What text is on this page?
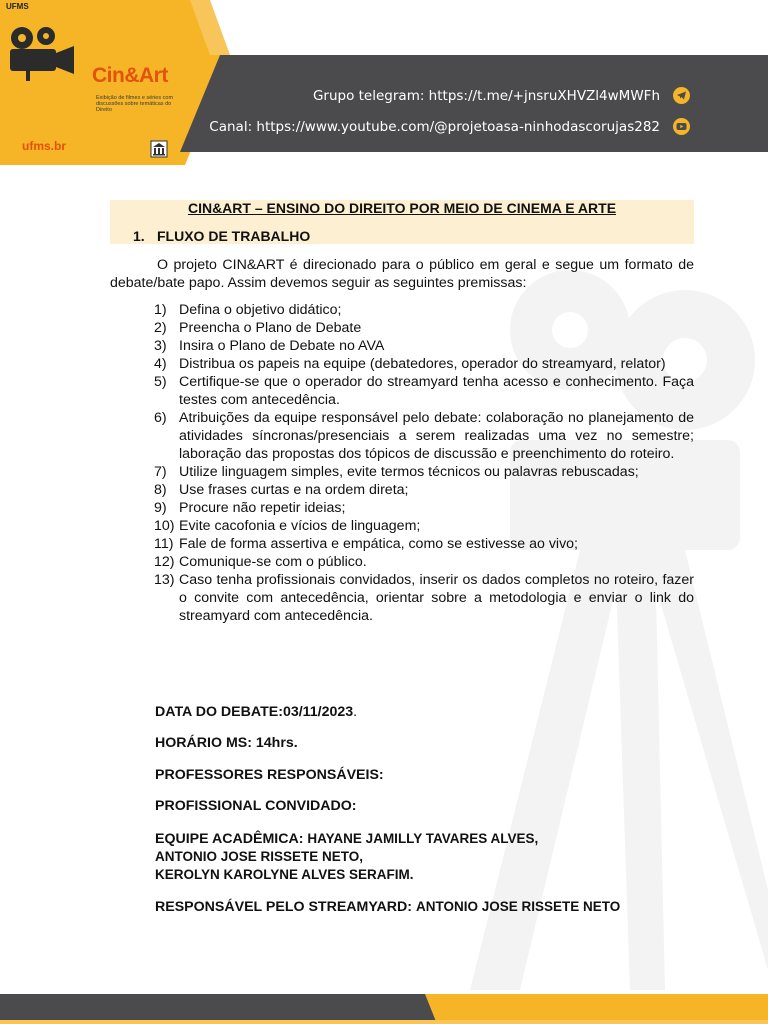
UFMS
Cin&Art
Exibição de filmes e séries com discussões sobre temáticas do Direito
ufms.br
Grupo telegram: https://t.me/+jnsruXHVZl4wMWFh
Canal: https://www.youtube.com/@projetoasa-ninhodascorujas282
CIN&ART – ENSINO DO DIREITO POR MEIO DE CINEMA E ARTE
1. FLUXO DE TRABALHO

O projeto CIN&ART é direcionado para o público em geral e segue um formato de debate/bate papo. Assim devemos seguir as seguintes premissas:

1) Defina o objetivo didático;
2) Preencha o Plano de Debate
3) Insira o Plano de Debate no AVA
4) Distribua os papeis na equipe (debatedores, operador do streamyard, relator)
5) Certifique-se que o operador do streamyard tenha acesso e conhecimento. Faça testes com antecedência.
6) Atribuições da equipe responsável pelo debate: colaboração no planejamento de atividades síncronas/presenciais a serem realizadas uma vez no semestre; laboração das propostas dos tópicos de discussão e preenchimento do roteiro.
7) Utilize linguagem simples, evite termos técnicos ou palavras rebuscadas;
8) Use frases curtas e na ordem direta;
9) Procure não repetir ideias;
10) Evite cacofonia e vícios de linguagem;
11) Fale de forma assertiva e empática, como se estivesse ao vivo;
12) Comunique-se com o público.
13) Caso tenha profissionais convidados, inserir os dados completos no roteiro, fazer o convite com antecedência, orientar sobre a metodologia e enviar o link do streamyard com antecedência.
DATA DO DEBATE:03/11/2023.
HORÁRIO MS: 14hrs.
PROFESSORES RESPONSÁVEIS:
PROFISSIONAL CONVIDADO:
EQUIPE ACADÊMICA: HAYANE JAMILLY TAVARES ALVES,
ANTONIO JOSE RISSETE NETO,
KEROLYN KAROLYNE ALVES SERAFIM.
RESPONSÁVEL PELO STREAMYARD: ANTONIO JOSE RISSETE NETO
